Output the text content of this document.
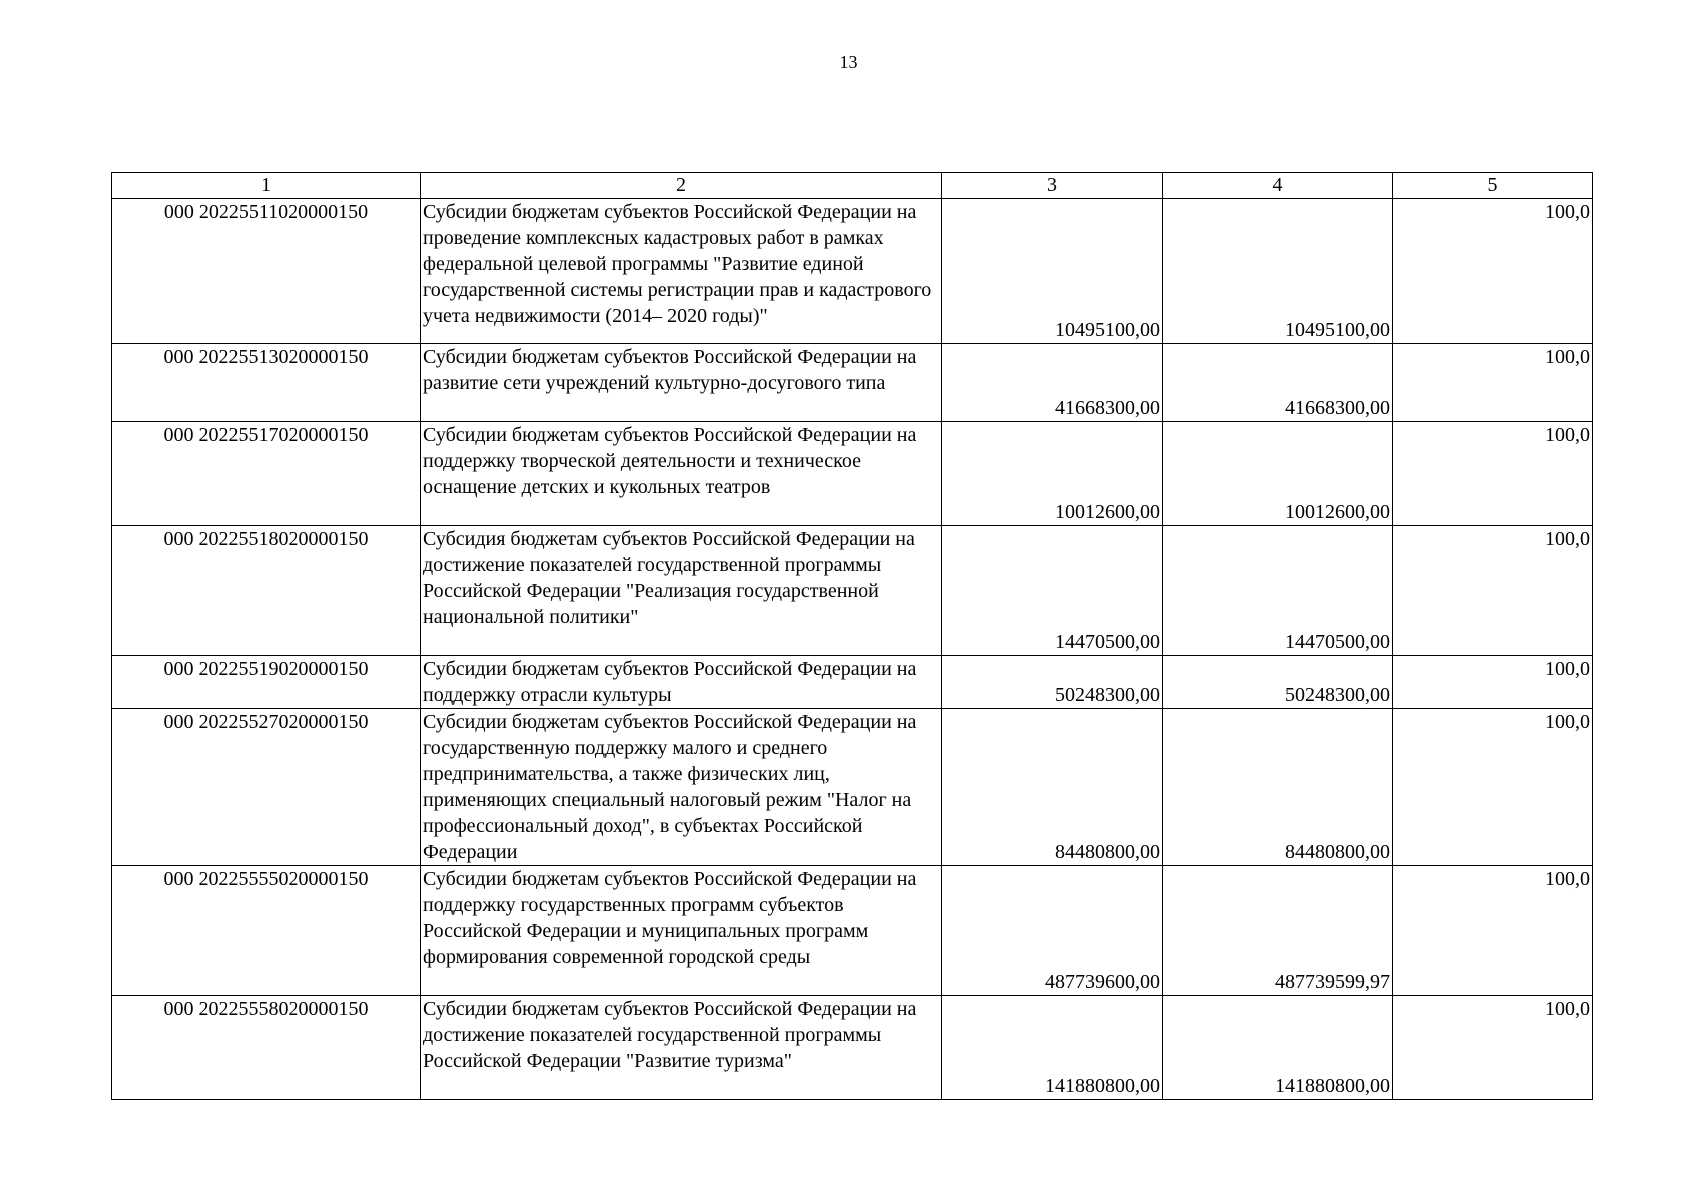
13
1	2	3	4	5
000 20225511020000150	Субсидии бюджетам субъектов Российской Федерации на проведение комплексных кадастровых работ в рамках федеральной целевой программы "Развитие единой государственной системы регистрации прав и кадастрового учета недвижимости (2014– 2020 годы)"	10495100,00	10495100,00	100,0
000 20225513020000150	Субсидии бюджетам субъектов Российской Федерации на развитие сети учреждений культурно-досугового типа	41668300,00	41668300,00	100,0
000 20225517020000150	Субсидии бюджетам субъектов Российской Федерации на поддержку творческой деятельности и техническое оснащение детских и кукольных театров	10012600,00	10012600,00	100,0
000 20225518020000150	Субсидия бюджетам субъектов Российской Федерации на достижение показателей государственной программы Российской Федерации "Реализация государственной национальной политики"	14470500,00	14470500,00	100,0
000 20225519020000150	Субсидии бюджетам субъектов Российской Федерации на поддержку отрасли культуры	50248300,00	50248300,00	100,0
000 20225527020000150	Субсидии бюджетам субъектов Российской Федерации на государственную поддержку малого и среднего предпринимательства, а также физических лиц, применяющих специальный налоговый режим "Налог на профессиональный доход", в субъектах Российской Федерации	84480800,00	84480800,00	100,0
000 20225555020000150	Субсидии бюджетам субъектов Российской Федерации на поддержку государственных программ субъектов Российской Федерации и муниципальных программ формирования современной городской среды	487739600,00	487739599,97	100,0
000 20225558020000150	Субсидии бюджетам субъектов Российской Федерации на достижение показателей государственной программы Российской Федерации "Развитие туризма"	141880800,00	141880800,00	100,0
